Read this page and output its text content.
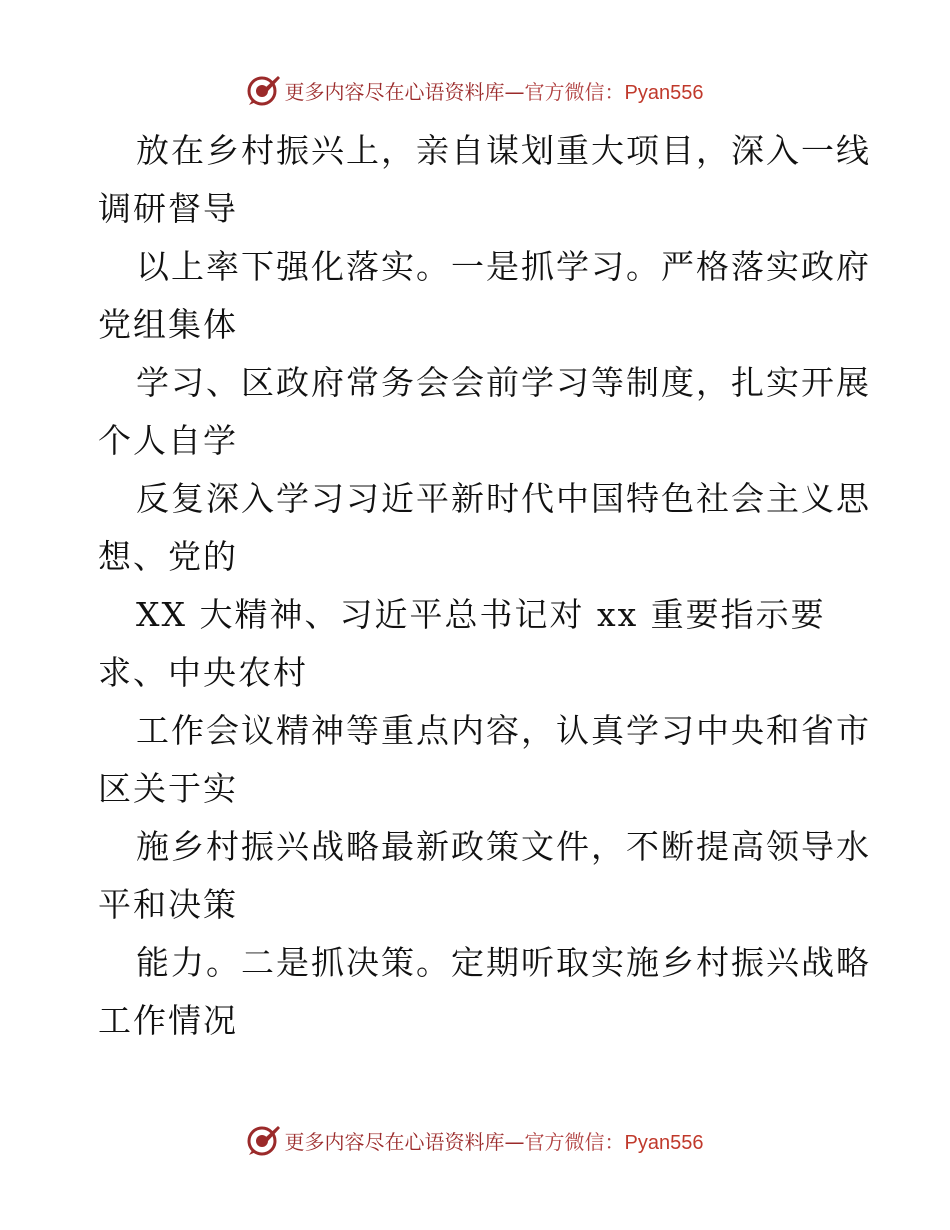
更多内容尽在心语资料库—官方微信：Pyan556
放在乡村振兴上，亲自谋划重大项目，深入一线
调研督导
以上率下强化落实。一是抓学习。严格落实政府
党组集体
学习、区政府常务会会前学习等制度，扎实开展
个人自学
反复深入学习习近平新时代中国特色社会主义思
想、党的
XX 大精神、习近平总书记对 xx 重要指示要
求、中央农村
工作会议精神等重点内容，认真学习中央和省市
区关于实
施乡村振兴战略最新政策文件，不断提高领导水
平和决策
能力。二是抓决策。定期听取实施乡村振兴战略
工作情况
更多内容尽在心语资料库—官方微信：Pyan556
